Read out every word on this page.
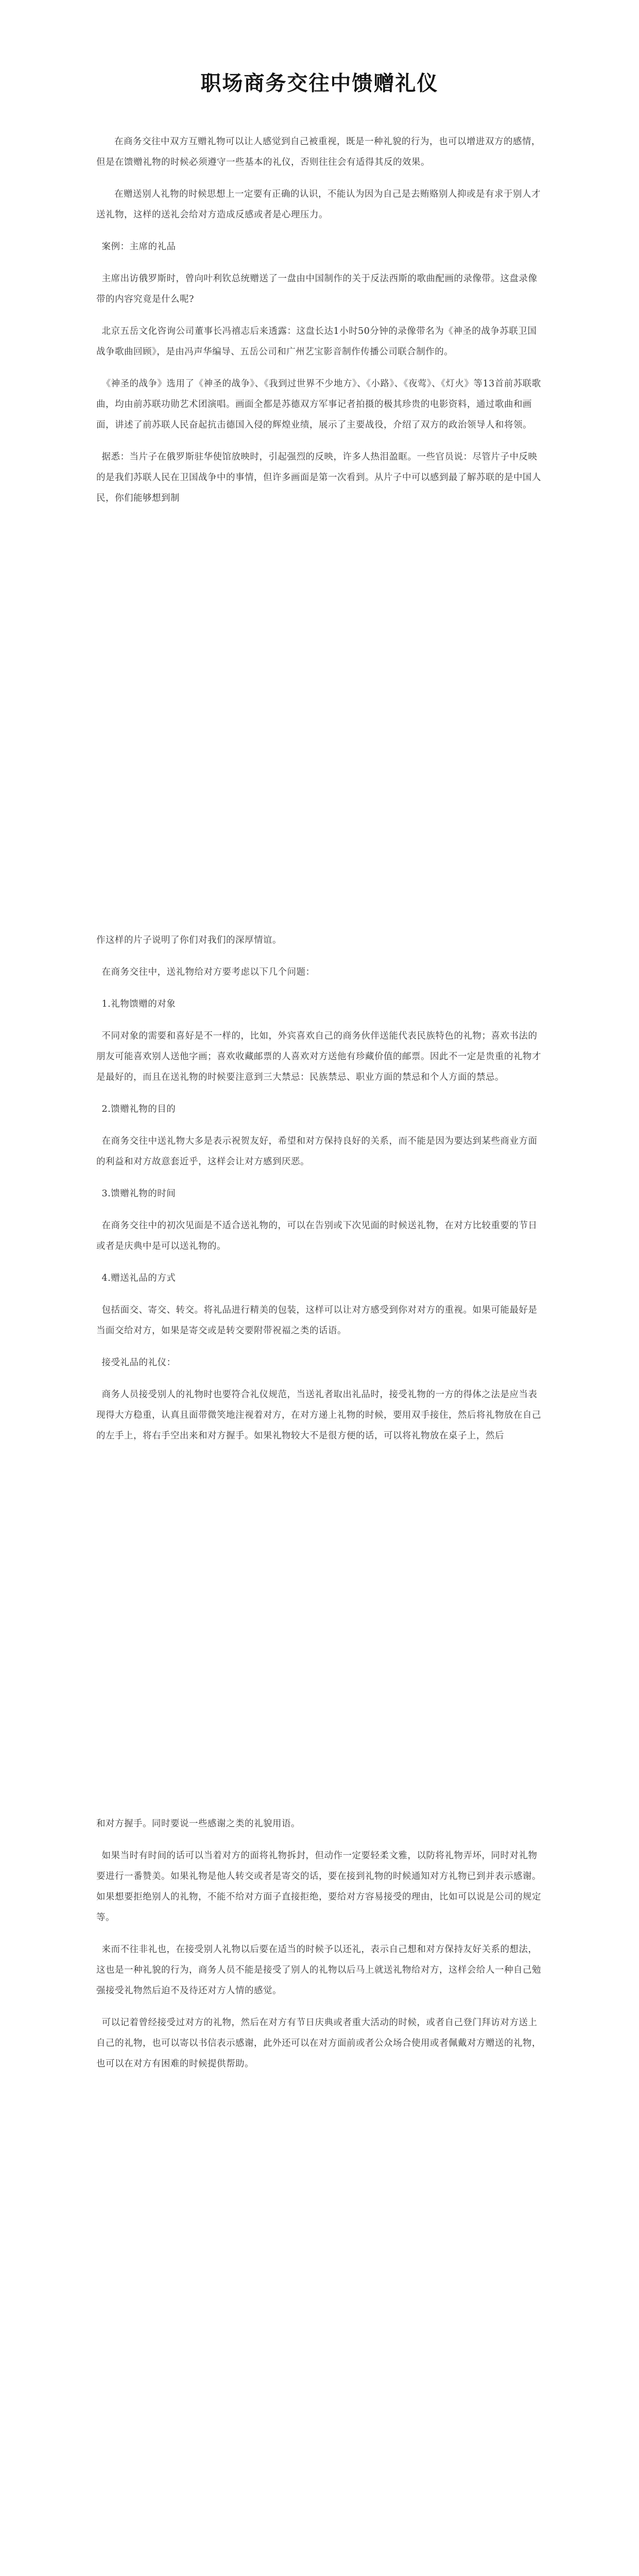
职场商务交往中馈赠礼仪

在商务交往中双方互赠礼物可以让人感觉到自己被重视，既是一种礼貌的行为，也可以增进双方的感情，但是在馈赠礼物的时候必须遵守一些基本的礼仪，否则往往会有适得其反的效果。

在赠送别人礼物的时候思想上一定要有正确的认识，不能认为因为自己是去贿赂别人抑或是有求于别人才送礼物，这样的送礼会给对方造成反感或者是心理压力。

案例：主席的礼品

主席出访俄罗斯时，曾向叶利钦总统赠送了一盘由中国制作的关于反法西斯的歌曲配画的录像带。这盘录像带的内容究竟是什么呢?

北京五岳文化咨询公司董事长冯禧志后来透露：这盘长达1小时50分钟的录像带名为《神圣的战争苏联卫国战争歌曲回顾》，是由冯声华编导、五岳公司和广州艺宝影音制作传播公司联合制作的。

《神圣的战争》选用了《神圣的战争》、《我到过世界不少地方》、《小路》、《夜莺》、《灯火》等13首前苏联歌曲，均由前苏联功勋艺术团演唱。画面全都是苏德双方军事记者拍摄的极其珍贵的电影资料，通过歌曲和画面，讲述了前苏联人民奋起抗击德国入侵的辉煌业绩，展示了主要战役，介绍了双方的政治领导人和将领。

据悉：当片子在俄罗斯驻华使馆放映时，引起强烈的反映，许多人热泪盈眶。一些官员说：尽管片子中反映的是我们苏联人民在卫国战争中的事情，但许多画面是第一次看到。从片子中可以感到最了解苏联的是中国人民，你们能够想到制

作这样的片子说明了你们对我们的深厚情谊。

在商务交往中，送礼物给对方要考虑以下几个问题：

1.礼物馈赠的对象

不同对象的需要和喜好是不一样的，比如，外宾喜欢自己的商务伙伴送能代表民族特色的礼物；喜欢书法的朋友可能喜欢别人送他字画；喜欢收藏邮票的人喜欢对方送他有珍藏价值的邮票。因此不一定是贵重的礼物才是最好的，而且在送礼物的时候要注意到三大禁忌：民族禁忌、职业方面的禁忌和个人方面的禁忌。

2.馈赠礼物的目的

在商务交往中送礼物大多是表示祝贺友好，希望和对方保持良好的关系，而不能是因为要达到某些商业方面的利益和对方故意套近乎，这样会让对方感到厌恶。

3.馈赠礼物的时间

在商务交往中的初次见面是不适合送礼物的，可以在告别或下次见面的时候送礼物，在对方比较重要的节日或者是庆典中是可以送礼物的。

4.赠送礼品的方式

包括面交、寄交、转交。将礼品进行精美的包装，这样可以让对方感受到你对对方的重视。如果可能最好是当面交给对方，如果是寄交或是转交要附带祝福之类的话语。

接受礼品的礼仪：

商务人员接受别人的礼物时也要符合礼仪规范，当送礼者取出礼品时，接受礼物的一方的得体之法是应当表现得大方稳重，认真且面带微笑地注视着对方，在对方递上礼物的时候，要用双手接住，然后将礼物放在自己的左手上，将右手空出来和对方握手。如果礼物较大不是很方便的话，可以将礼物放在桌子上，然后

和对方握手。同时要说一些感谢之类的礼貌用语。

如果当时有时间的话可以当着对方的面将礼物拆封，但动作一定要轻柔文雅，以防将礼物弄坏，同时对礼物要进行一番赞美。如果礼物是他人转交或者是寄交的话，要在接到礼物的时候通知对方礼物已到并表示感谢。如果想要拒绝别人的礼物，不能不给对方面子直接拒绝，要给对方容易接受的理由，比如可以说是公司的规定等。

来而不往非礼也，在接受别人礼物以后要在适当的时候予以还礼，表示自己想和对方保持友好关系的想法，这也是一种礼貌的行为，商务人员不能是接受了别人的礼物以后马上就送礼物给对方，这样会给人一种自己勉强接受礼物然后迫不及待还对方人情的感觉。

可以记着曾经接受过对方的礼物，然后在对方有节日庆典或者重大活动的时候，或者自己登门拜访对方送上自己的礼物，也可以寄以书信表示感谢，此外还可以在对方面前或者公众场合使用或者佩戴对方赠送的礼物，也可以在对方有困难的时候提供帮助。
